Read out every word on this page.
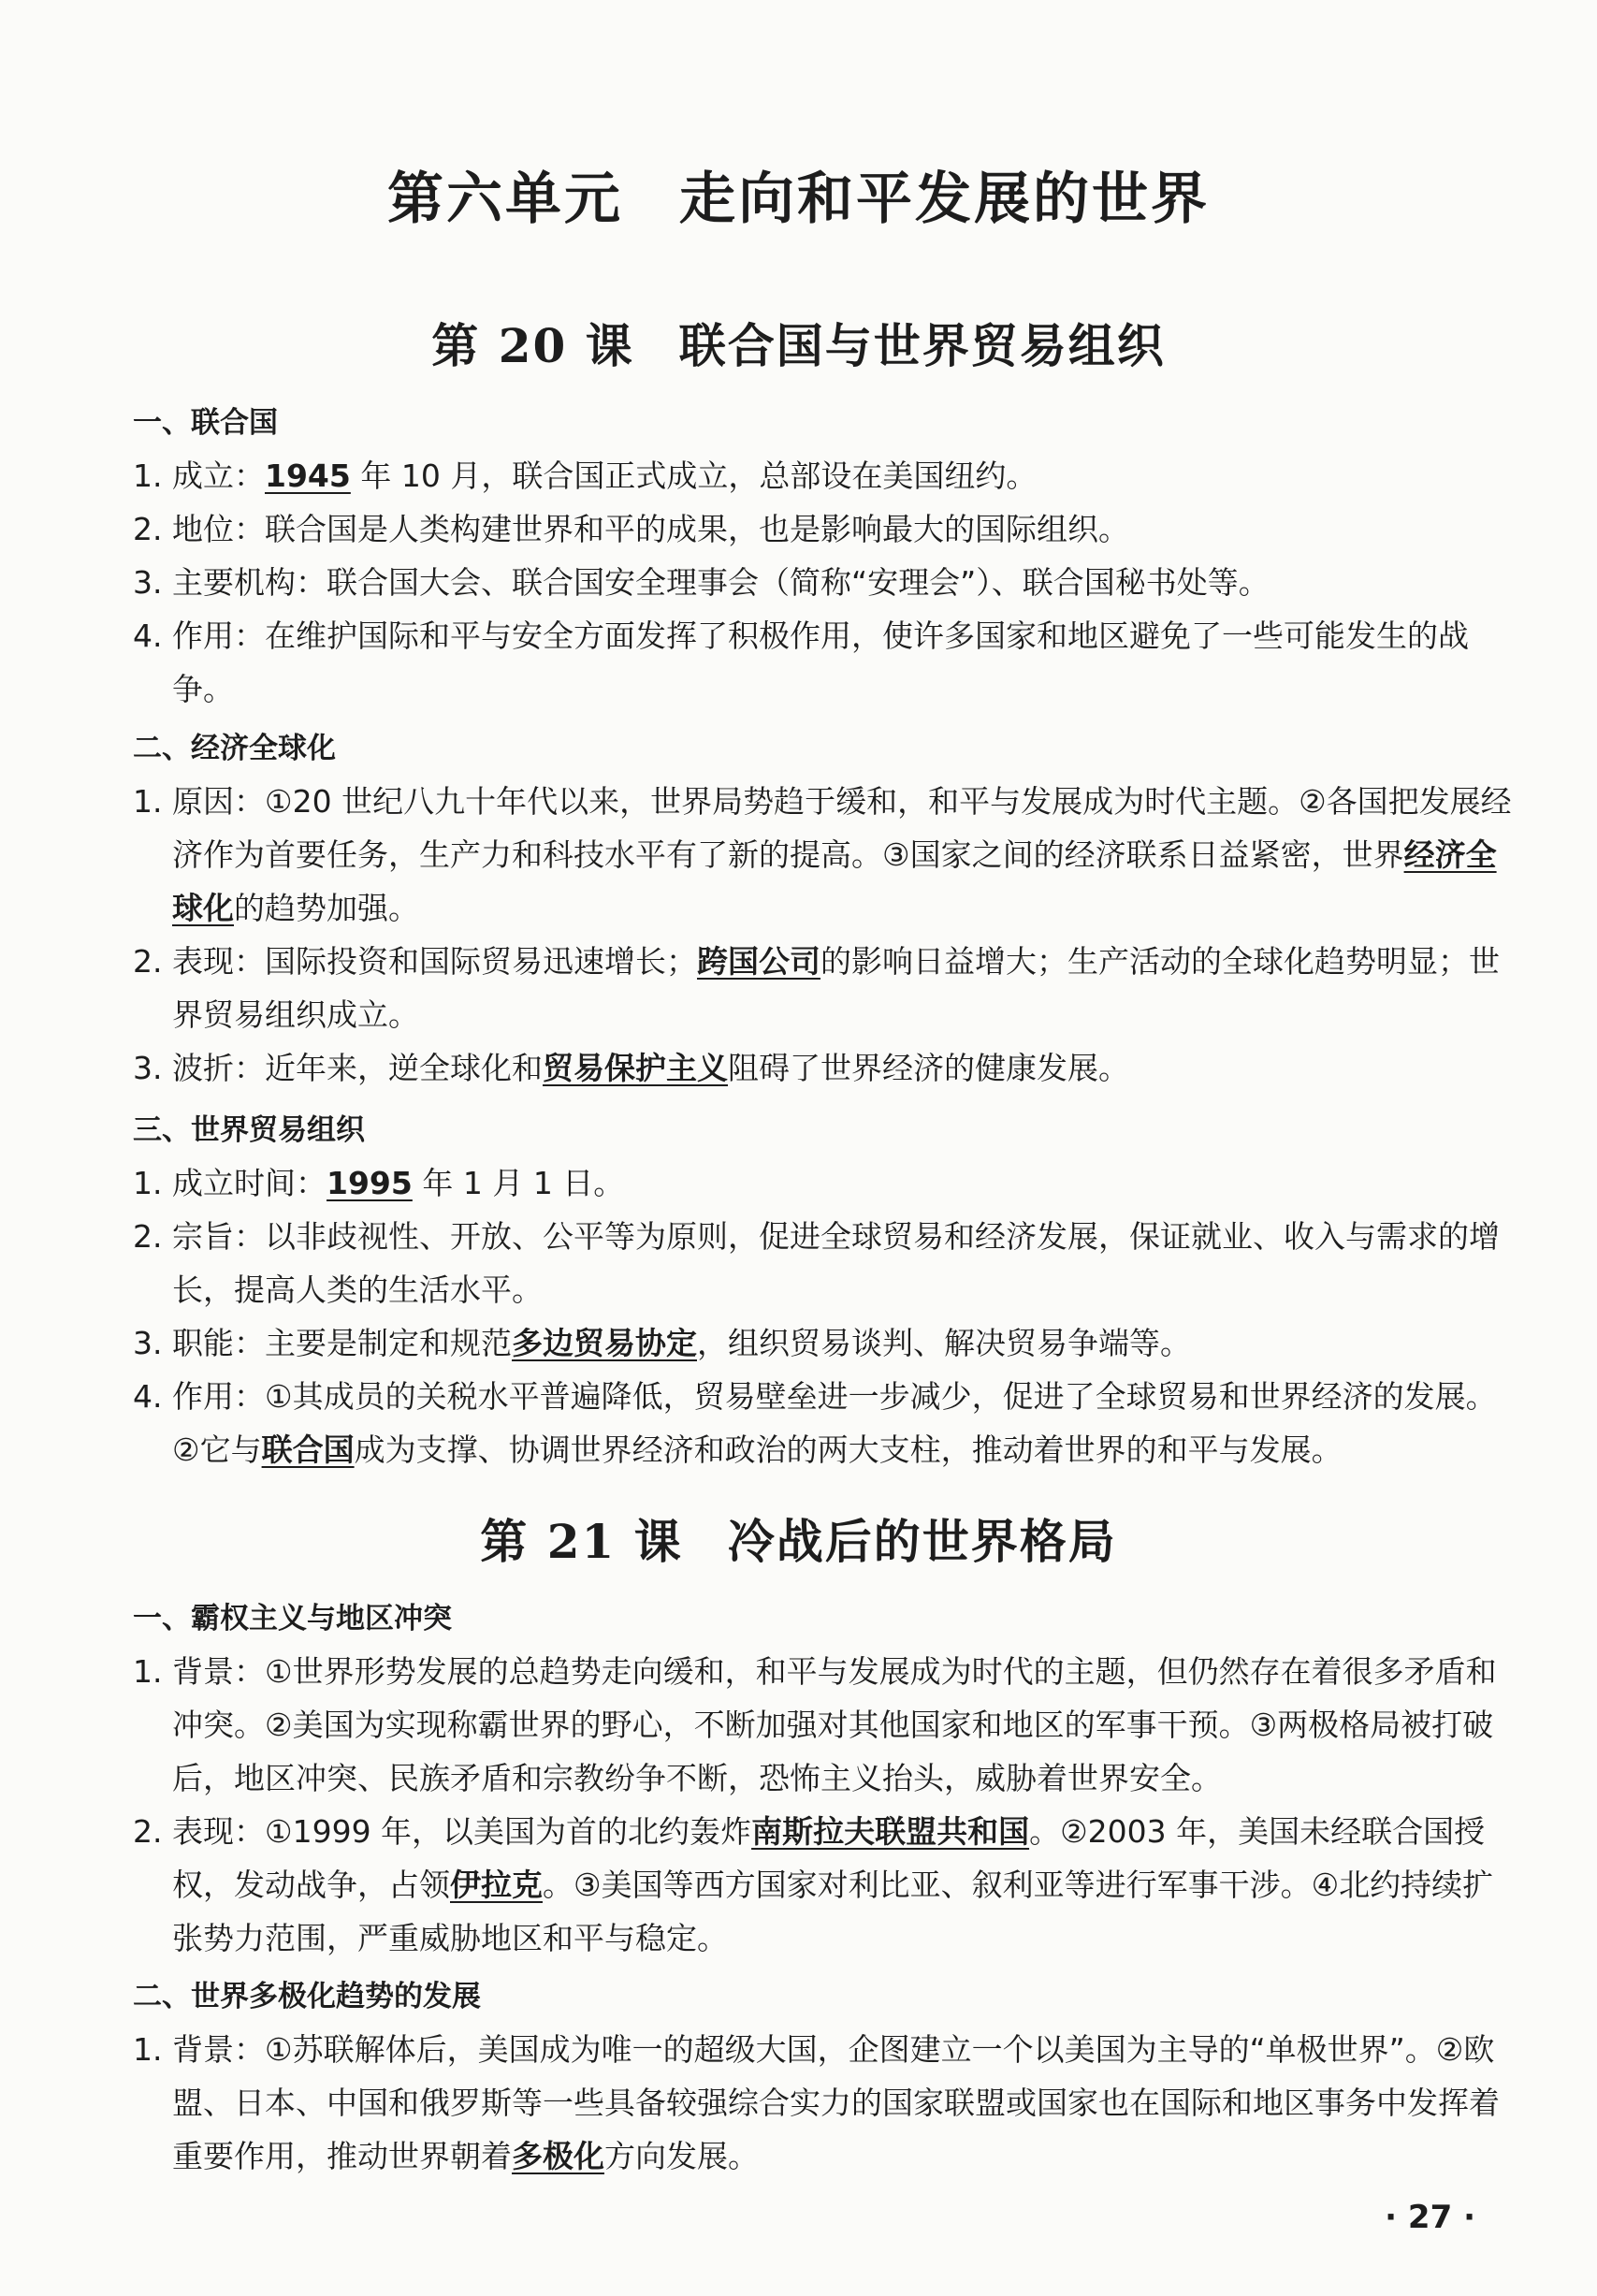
第六单元 走向和平发展的世界
第 20 课 联合国与世界贸易组织
一、联合国
1. 成立：1945 年 10 月，联合国正式成立，总部设在美国纽约。
2. 地位：联合国是人类构建世界和平的成果，也是影响最大的国际组织。
3. 主要机构：联合国大会、联合国安全理事会（简称“安理会”）、联合国秘书处等。
4. 作用：在维护国际和平与安全方面发挥了积极作用，使许多国家和地区避免了一些可能发生的战争。
二、经济全球化
1. 原因：①20 世纪八九十年代以来，世界局势趋于缓和，和平与发展成为时代主题。②各国把发展经济作为首要任务，生产力和科技水平有了新的提高。③国家之间的经济联系日益紧密，世界经济全球化的趋势加强。
2. 表现：国际投资和国际贸易迅速增长；跨国公司的影响日益增大；生产活动的全球化趋势明显；世界贸易组织成立。
3. 波折：近年来，逆全球化和贸易保护主义阻碍了世界经济的健康发展。
三、世界贸易组织
1. 成立时间：1995 年 1 月 1 日。
2. 宗旨：以非歧视性、开放、公平等为原则，促进全球贸易和经济发展，保证就业、收入与需求的增长，提高人类的生活水平。
3. 职能：主要是制定和规范多边贸易协定，组织贸易谈判、解决贸易争端等。
4. 作用：①其成员的关税水平普遍降低，贸易壁垒进一步减少，促进了全球贸易和世界经济的发展。②它与联合国成为支撑、协调世界经济和政治的两大支柱，推动着世界的和平与发展。
第 21 课 冷战后的世界格局
一、霸权主义与地区冲突
1. 背景：①世界形势发展的总趋势走向缓和，和平与发展成为时代的主题，但仍然存在着很多矛盾和冲突。②美国为实现称霸世界的野心，不断加强对其他国家和地区的军事干预。③两极格局被打破后，地区冲突、民族矛盾和宗教纷争不断，恐怖主义抬头，威胁着世界安全。
2. 表现：①1999 年，以美国为首的北约轰炸南斯拉夫联盟共和国。②2003 年，美国未经联合国授权，发动战争，占领伊拉克。③美国等西方国家对利比亚、叙利亚等进行军事干涉。④北约持续扩张势力范围，严重威胁地区和平与稳定。
二、世界多极化趋势的发展
1. 背景：①苏联解体后，美国成为唯一的超级大国，企图建立一个以美国为主导的“单极世界”。②欧盟、日本、中国和俄罗斯等一些具备较强综合实力的国家联盟或国家也在国际和地区事务中发挥着重要作用，推动世界朝着多极化方向发展。
· 27 ·
